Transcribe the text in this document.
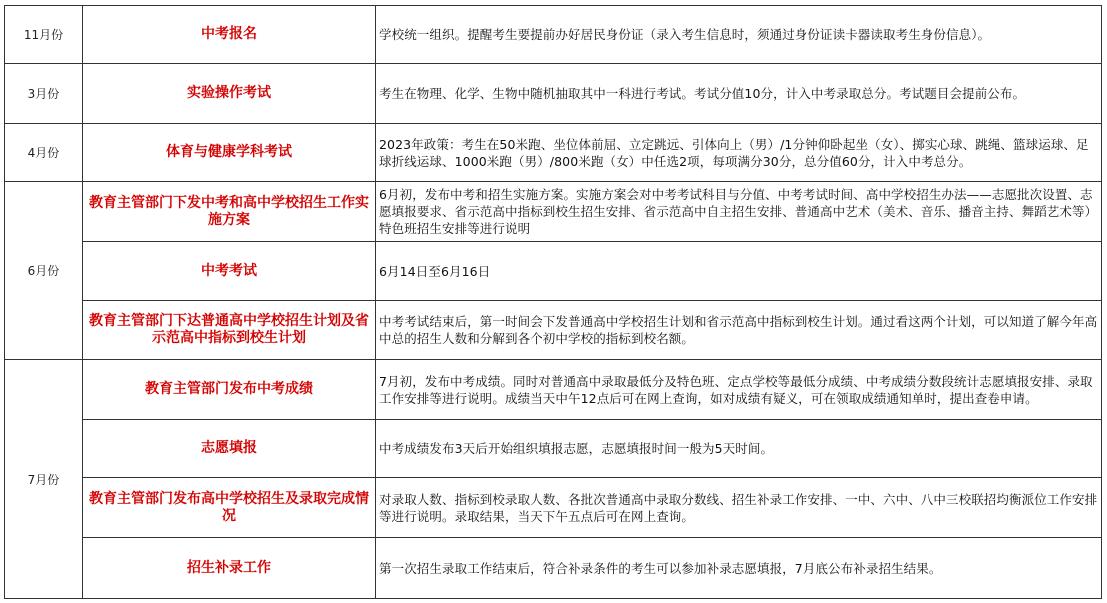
11月份	中考报名	学校统一组织。提醒考生要提前办好居民身份证（录入考生信息时，须通过身份证读卡器读取考生身份信息）。
3月份	实验操作考试	考生在物理、化学、生物中随机抽取其中一科进行考试。考试分值10分，计入中考录取总分。考试题目会提前公布。
4月份	体育与健康学科考试	2023年政策：考生在50米跑、坐位体前屈、立定跳远、引体向上（男）/1分钟仰卧起坐（女）、掷实心球、跳绳、篮球运球、足球折线运球、1000米跑（男）/800米跑（女）中任选2项，每项满分30分，总分值60分，计入中考总分。
6月份	教育主管部门下发中考和高中学校招生工作实施方案	6月初，发布中考和招生实施方案。实施方案会对中考考试科目与分值、中考考试时间、高中学校招生办法——志愿批次设置、志愿填报要求、省示范高中指标到校生招生安排、省示范高中自主招生安排、普通高中艺术（美术、音乐、播音主持、舞蹈艺术等）特色班招生安排等进行说明
	中考考试	6月14日至6月16日
	教育主管部门下达普通高中学校招生计划及省示范高中指标到校生计划	中考考试结束后，第一时间会下发普通高中学校招生计划和省示范高中指标到校生计划。通过看这两个计划，可以知道了解今年高中总的招生人数和分解到各个初中学校的指标到校名额。
7月份	教育主管部门发布中考成绩	7月初，发布中考成绩。同时对普通高中录取最低分及特色班、定点学校等最低分成绩、中考成绩分数段统计志愿填报安排、录取工作安排等进行说明。成绩当天中午12点后可在网上查询，如对成绩有疑义，可在领取成绩通知单时，提出查卷申请。
	志愿填报	中考成绩发布3天后开始组织填报志愿，志愿填报时间一般为5天时间。
	教育主管部门发布高中学校招生及录取完成情况	对录取人数、指标到校录取人数、各批次普通高中录取分数线、招生补录工作安排、一中、六中、八中三校联招均衡派位工作安排等进行说明。录取结果，当天下午五点后可在网上查询。
	招生补录工作	第一次招生录取工作结束后，符合补录条件的考生可以参加补录志愿填报，7月底公布补录招生结果。
